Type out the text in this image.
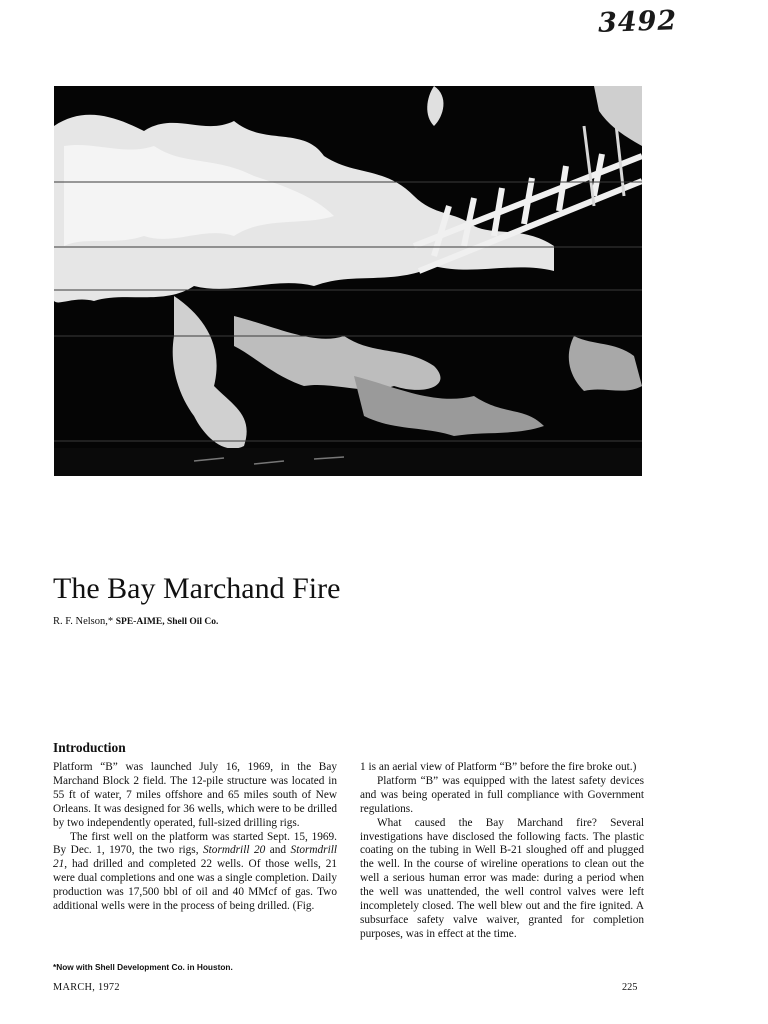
3492
The Bay Marchand Fire
R. F. Nelson,* SPE-AIME, Shell Oil Co.
Introduction

Platform “B” was launched July 16, 1969, in the Bay Marchand Block 2 field. The 12-pile structure was located in 55 ft of water, 7 miles offshore and 65 miles south of New Orleans. It was designed for 36 wells, which were to be drilled by two independently operated, full-sized drilling rigs.

The first well on the platform was started Sept. 15, 1969. By Dec. 1, 1970, the two rigs, Stormdrill 20 and Stormdrill 21, had drilled and completed 22 wells. Of those wells, 21 were dual completions and one was a single completion. Daily production was 17,500 bbl of oil and 40 MMcf of gas. Two additional wells were in the process of being drilled. (Fig.

1 is an aerial view of Platform “B” before the fire broke out.)

Platform “B” was equipped with the latest safety devices and was being operated in full compliance with Government regulations.

What caused the Bay Marchand fire? Several investigations have disclosed the following facts. The plastic coating on the tubing in Well B-21 sloughed off and plugged the well. In the course of wireline operations to clean out the well a serious human error was made: during a period when the well was unattended, the well control valves were left incompletely closed. The well blew out and the fire ignited. A subsurface safety valve waiver, granted for completion purposes, was in effect at the time.

*Now with Shell Development Co. in Houston.
MARCH, 1972	225
